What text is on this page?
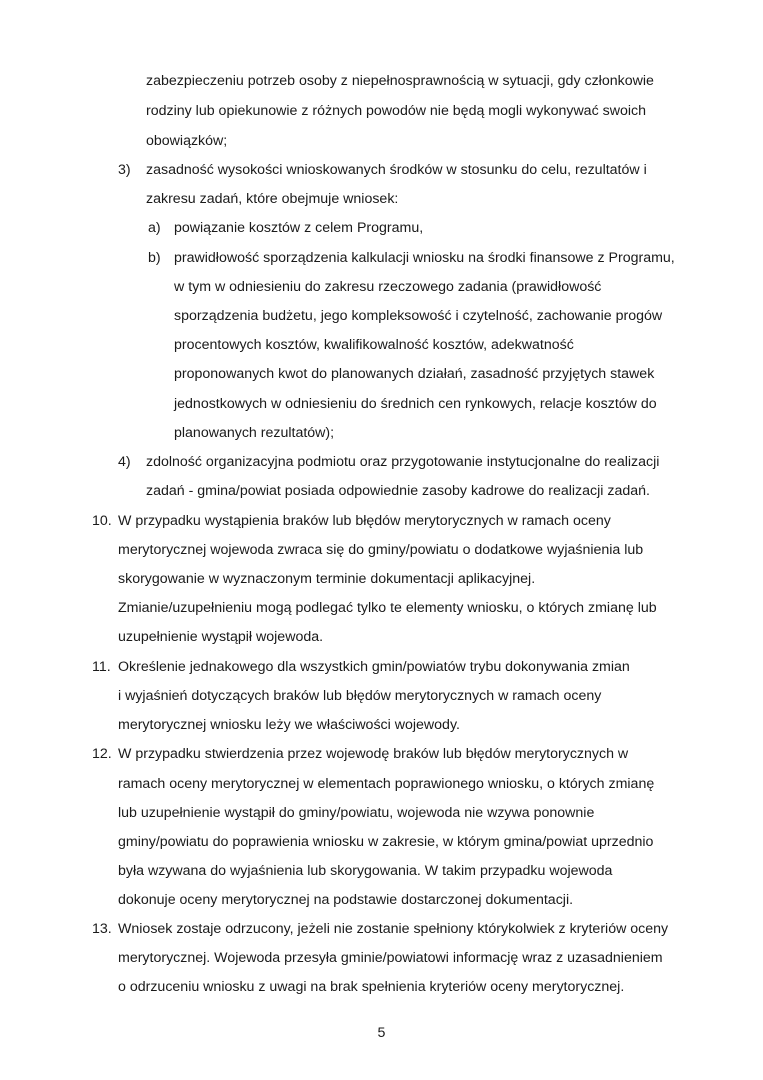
zabezpieczeniu potrzeb osoby z niepełnosprawnością w sytuacji, gdy członkowie
rodziny lub opiekunowie z różnych powodów nie będą mogli wykonywać swoich
obowiązków;
3) zasadność wysokości wnioskowanych środków w stosunku do celu, rezultatów i
zakresu zadań, które obejmuje wniosek:
a) powiązanie kosztów z celem Programu,
b) prawidłowość sporządzenia kalkulacji wniosku na środki finansowe z Programu,
w tym w odniesieniu do zakresu rzeczowego zadania (prawidłowość
sporządzenia budżetu, jego kompleksowość i czytelność, zachowanie progów
procentowych kosztów, kwalifikowalność kosztów, adekwatność
proponowanych kwot do planowanych działań, zasadność przyjętych stawek
jednostkowych w odniesieniu do średnich cen rynkowych, relacje kosztów do
planowanych rezultatów);
4) zdolność organizacyjna podmiotu oraz przygotowanie instytucjonalne do realizacji
zadań - gmina/powiat posiada odpowiednie zasoby kadrowe do realizacji zadań.
10. W przypadku wystąpienia braków lub błędów merytorycznych w ramach oceny
merytorycznej wojewoda zwraca się do gminy/powiatu o dodatkowe wyjaśnienia lub
skorygowanie w wyznaczonym terminie dokumentacji aplikacyjnej.
Zmianie/uzupełnieniu mogą podlegać tylko te elementy wniosku, o których zmianę lub
uzupełnienie wystąpił wojewoda.
11. Określenie jednakowego dla wszystkich gmin/powiatów trybu dokonywania zmian
i wyjaśnień dotyczących braków lub błędów merytorycznych w ramach oceny
merytorycznej wniosku leży we właściwości wojewody.
12. W przypadku stwierdzenia przez wojewodę braków lub błędów merytorycznych w
ramach oceny merytorycznej w elementach poprawionego wniosku, o których zmianę
lub uzupełnienie wystąpił do gminy/powiatu, wojewoda nie wzywa ponownie
gminy/powiatu do poprawienia wniosku w zakresie, w którym gmina/powiat uprzednio
była wzywana do wyjaśnienia lub skorygowania. W takim przypadku wojewoda
dokonuje oceny merytorycznej na podstawie dostarczonej dokumentacji.
13. Wniosek zostaje odrzucony, jeżeli nie zostanie spełniony którykolwiek z kryteriów oceny
merytorycznej. Wojewoda przesyła gminie/powiatowi informację wraz z uzasadnieniem
o odrzuceniu wniosku z uwagi na brak spełnienia kryteriów oceny merytorycznej.
5
